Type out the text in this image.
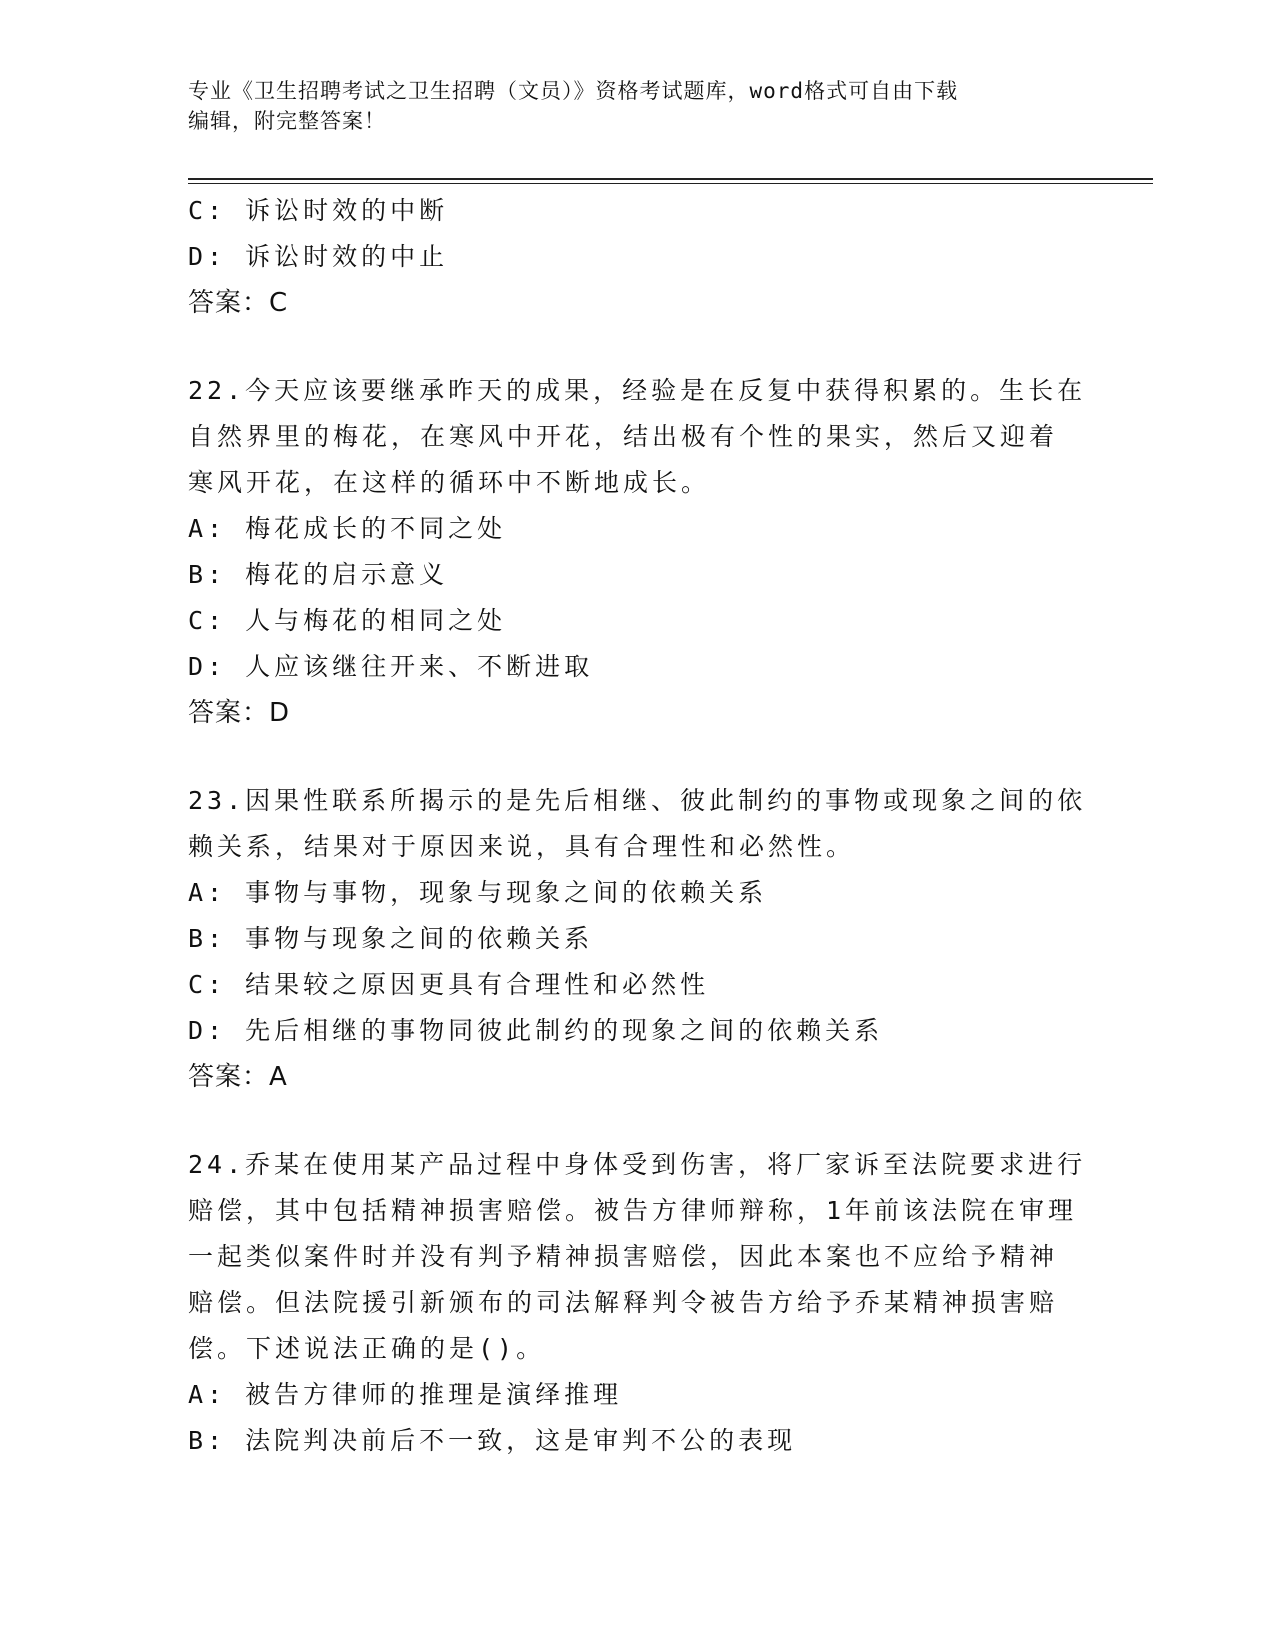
专业《卫生招聘考试之卫生招聘（文员）》资格考试题库，word格式可自由下载
编辑，附完整答案！
C: 诉讼时效的中断
D: 诉讼时效的中止
答案：C
22.今天应该要继承昨天的成果，经验是在反复中获得积累的。生长在
自然界里的梅花，在寒风中开花，结出极有个性的果实，然后又迎着
寒风开花，在这样的循环中不断地成长。
A: 梅花成长的不同之处
B: 梅花的启示意义
C: 人与梅花的相同之处
D: 人应该继往开来、不断进取
答案：D
23.因果性联系所揭示的是先后相继、彼此制约的事物或现象之间的依
赖关系，结果对于原因来说，具有合理性和必然性。
A: 事物与事物，现象与现象之间的依赖关系
B: 事物与现象之间的依赖关系
C: 结果较之原因更具有合理性和必然性
D: 先后相继的事物同彼此制约的现象之间的依赖关系
答案：A
24.乔某在使用某产品过程中身体受到伤害，将厂家诉至法院要求进行
赔偿，其中包括精神损害赔偿。被告方律师辩称，1年前该法院在审理
一起类似案件时并没有判予精神损害赔偿，因此本案也不应给予精神
赔偿。但法院援引新颁布的司法解释判令被告方给予乔某精神损害赔
偿。下述说法正确的是()。
A: 被告方律师的推理是演绎推理
B: 法院判决前后不一致，这是审判不公的表现
